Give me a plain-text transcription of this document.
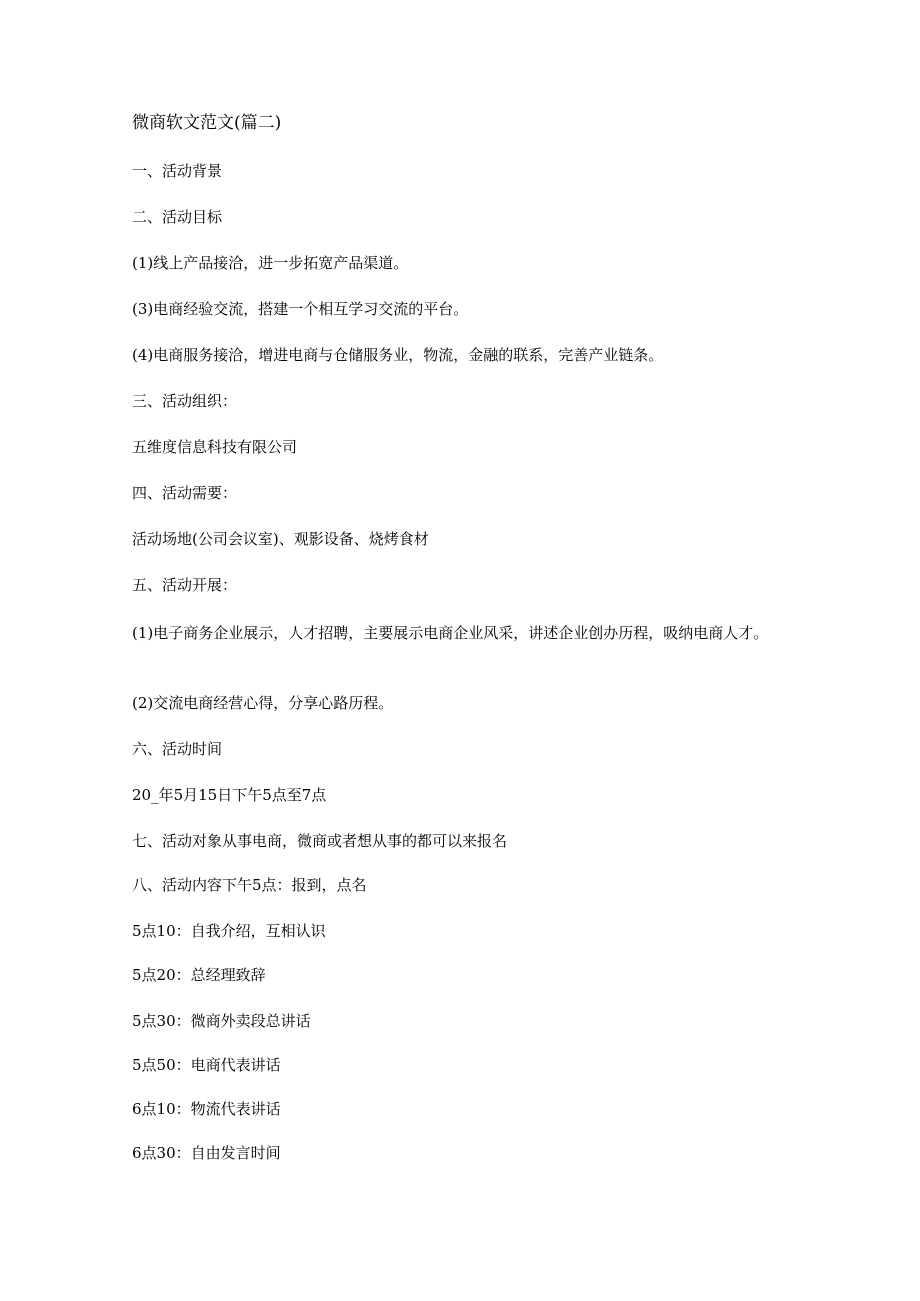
微商软文范文(篇二)

一、活动背景

二、活动目标

(1)线上产品接洽，进一步拓宽产品渠道。

(3)电商经验交流，搭建一个相互学习交流的平台。

(4)电商服务接洽，增进电商与仓储服务业，物流，金融的联系，完善产业链条。

三、活动组织：

五维度信息科技有限公司

四、活动需要：

活动场地(公司会议室)、观影设备、烧烤食材

五、活动开展：

(1)电子商务企业展示，人才招聘，主要展示电商企业风采，讲述企业创办历程，吸纳电商人才。

(2)交流电商经营心得，分享心路历程。

六、活动时间

20_年5月15日下午5点至7点

七、活动对象从事电商，微商或者想从事的都可以来报名

八、活动内容下午5点：报到，点名

5点10：自我介绍，互相认识

5点20：总经理致辞

5点30：微商外卖段总讲话

5点50：电商代表讲话

6点10：物流代表讲话

6点30：自由发言时间
